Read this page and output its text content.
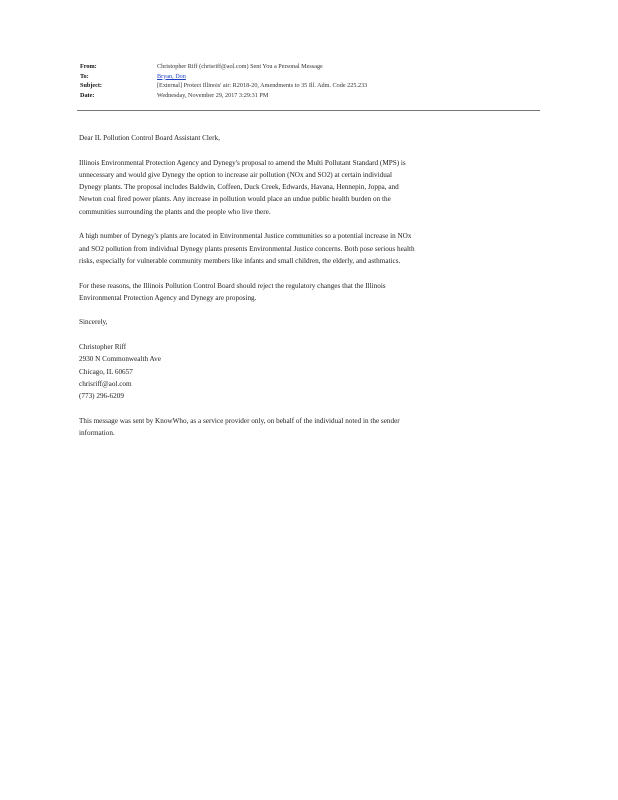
From:	Christopher Riff (chrisriff@aol.com) Sent You a Personal Message
To:	Bryan, Don
Subject:	[External] Protect Illinois' air: R2018-20, Amendments to 35 Ill. Adm. Code 225.233
Date:	Wednesday, November 29, 2017 3:29:31 PM

Dear IL Pollution Control Board Assistant Clerk,

Illinois Environmental Protection Agency and Dynegy's proposal to amend the Multi Pollutant Standard (MPS) is
unnecessary and would give Dynegy the option to increase air pollution (NOx and SO2) at certain individual
Dynegy plants. The proposal includes Baldwin, Coffeen, Duck Creek, Edwards, Havana, Hennepin, Joppa, and
Newton coal fired power plants. Any increase in pollution would place an undue public health burden on the
communities surrounding the plants and the people who live there.

A high number of Dynegy's plants are located in Environmental Justice communities so a potential increase in NOx
and SO2 pollution from individual Dynegy plants presents Environmental Justice concerns. Both pose serious health
risks, especially for vulnerable community members like infants and small children, the elderly, and asthmatics.

For these reasons, the Illinois Pollution Control Board should reject the regulatory changes that the Illinois
Environmental Protection Agency and Dynegy are proposing.

Sincerely,

Christopher Riff
2930 N Commonwealth Ave
Chicago, IL 60657
chrisriff@aol.com
(773) 296-6209

This message was sent by KnowWho, as a service provider only, on behalf of the individual noted in the sender
information.
